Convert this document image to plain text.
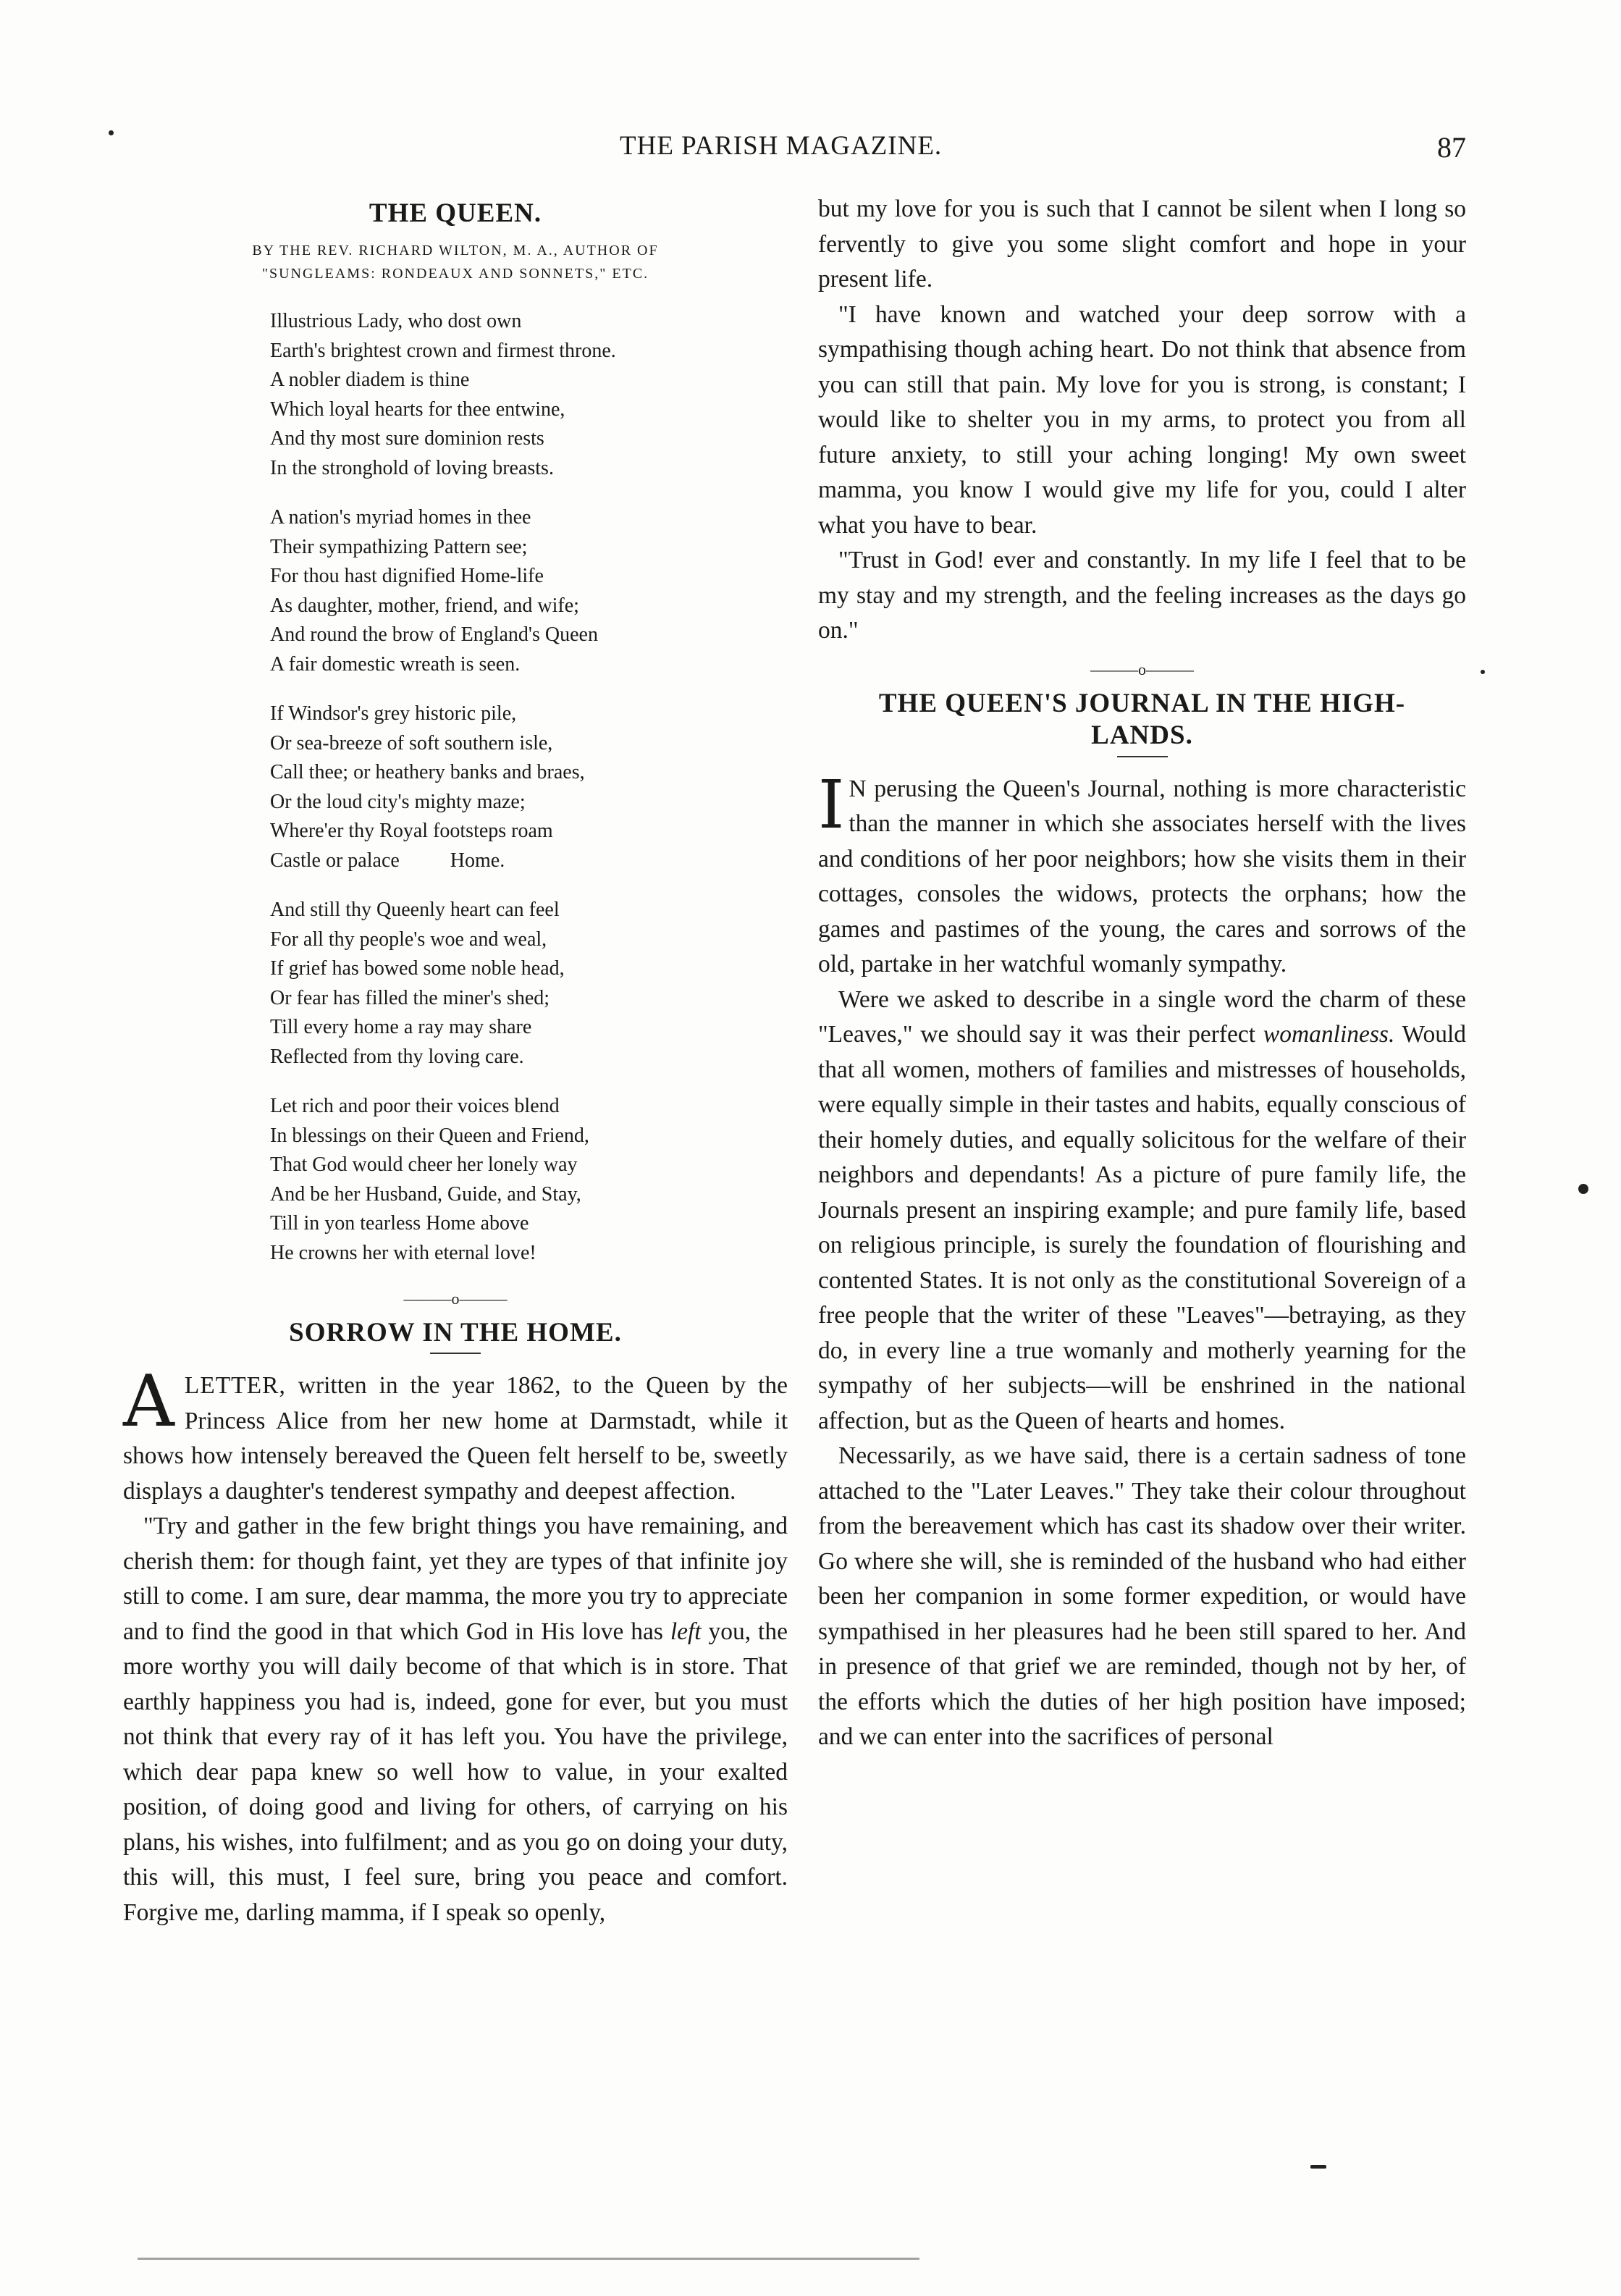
THE PARISH MAGAZINE.	87
THE QUEEN.
BY THE REV. RICHARD WILTON, M. A., AUTHOR OF
"SUNGLEAMS: RONDEAUX AND SONNETS," ETC.
Illustrious Lady, who dost own
Earth's brightest crown and firmest throne.
A nobler diadem is thine
Which loyal hearts for thee entwine,
And thy most sure dominion rests
In the stronghold of loving breasts.
A nation's myriad homes in thee
Their sympathizing Pattern see;
For thou hast dignified Home-life
As daughter, mother, friend, and wife;
And round the brow of England's Queen
A fair domestic wreath is seen.
If Windsor's grey historic pile,
Or sea-breeze of soft southern isle,
Call thee; or heathery banks and braes,
Or the loud city's mighty maze;
Where'er thy Royal footsteps roam
Castle or palace          Home.
And still thy Queenly heart can feel
For all thy people's woe and weal,
If grief has bowed some noble head,
Or fear has filled the miner's shed;
Till every home a ray may share
Reflected from thy loving care.
Let rich and poor their voices blend
In blessings on their Queen and Friend,
That God would cheer her lonely way
And be her Husband, Guide, and Stay,
Till in yon tearless Home above
He crowns her with eternal love!
———o———
SORROW IN THE HOME.

ALETTER, written in the year 1862, to the Queen by the Princess Alice from her new home at Darmstadt, while it shows how intensely bereaved the Queen felt herself to be, sweetly displays a daughter's tenderest sympathy and deepest affection.

"Try and gather in the few bright things you have remaining, and cherish them: for though faint, yet they are types of that infinite joy still to come. I am sure, dear mamma, the more you try to appreciate and to find the good in that which God in His love has left you, the more worthy you will daily become of that which is in store. That earthly happiness you had is, indeed, gone for ever, but you must not think that every ray of it has left you. You have the privilege, which dear papa knew so well how to value, in your exalted position, of doing good and living for others, of carrying on his plans, his wishes, into fulfilment; and as you go on doing your duty, this will, this must, I feel sure, bring you peace and comfort. Forgive me, darling mamma, if I speak so openly,

but my love for you is such that I cannot be silent when I long so fervently to give you some slight comfort and hope in your present life.

"I have known and watched your deep sorrow with a sympathising though aching heart. Do not think that absence from you can still that pain. My love for you is strong, is constant; I would like to shelter you in my arms, to protect you from all future anxiety, to still your aching longing! My own sweet mamma, you know I would give my life for you, could I alter what you have to bear.

"Trust in God! ever and constantly. In my life I feel that to be my stay and my strength, and the feeling increases as the days go on."

———o———
THE QUEEN'S JOURNAL IN THE HIGH-
LANDS.

I N perusing the Queen's Journal, nothing is more characteristic than the manner in which she associates herself with the lives and conditions of her poor neighbors; how she visits them in their cottages, consoles the widows, protects the orphans; how the games and pastimes of the young, the cares and sorrows of the old, partake in her watchful womanly sympathy.

Were we asked to describe in a single word the charm of these "Leaves," we should say it was their perfect womanliness. Would that all women, mothers of families and mistresses of households, were equally simple in their tastes and habits, equally conscious of their homely duties, and equally solicitous for the welfare of their neighbors and dependants! As a picture of pure family life, the Journals present an inspiring example; and pure family life, based on religious principle, is surely the foundation of flourishing and contented States. It is not only as the constitutional Sovereign of a free people that the writer of these "Leaves"—betraying, as they do, in every line a true womanly and motherly yearning for the sympathy of her subjects—will be enshrined in the national affection, but as the Queen of hearts and homes.

Necessarily, as we have said, there is a certain sadness of tone attached to the "Later Leaves." They take their colour throughout from the bereavement which has cast its shadow over their writer. Go where she will, she is reminded of the husband who had either been her companion in some former expedition, or would have sympathised in her pleasures had he been still spared to her. And in presence of that grief we are reminded, though not by her, of the efforts which the duties of her high position have imposed; and we can enter into the sacrifices of personal
